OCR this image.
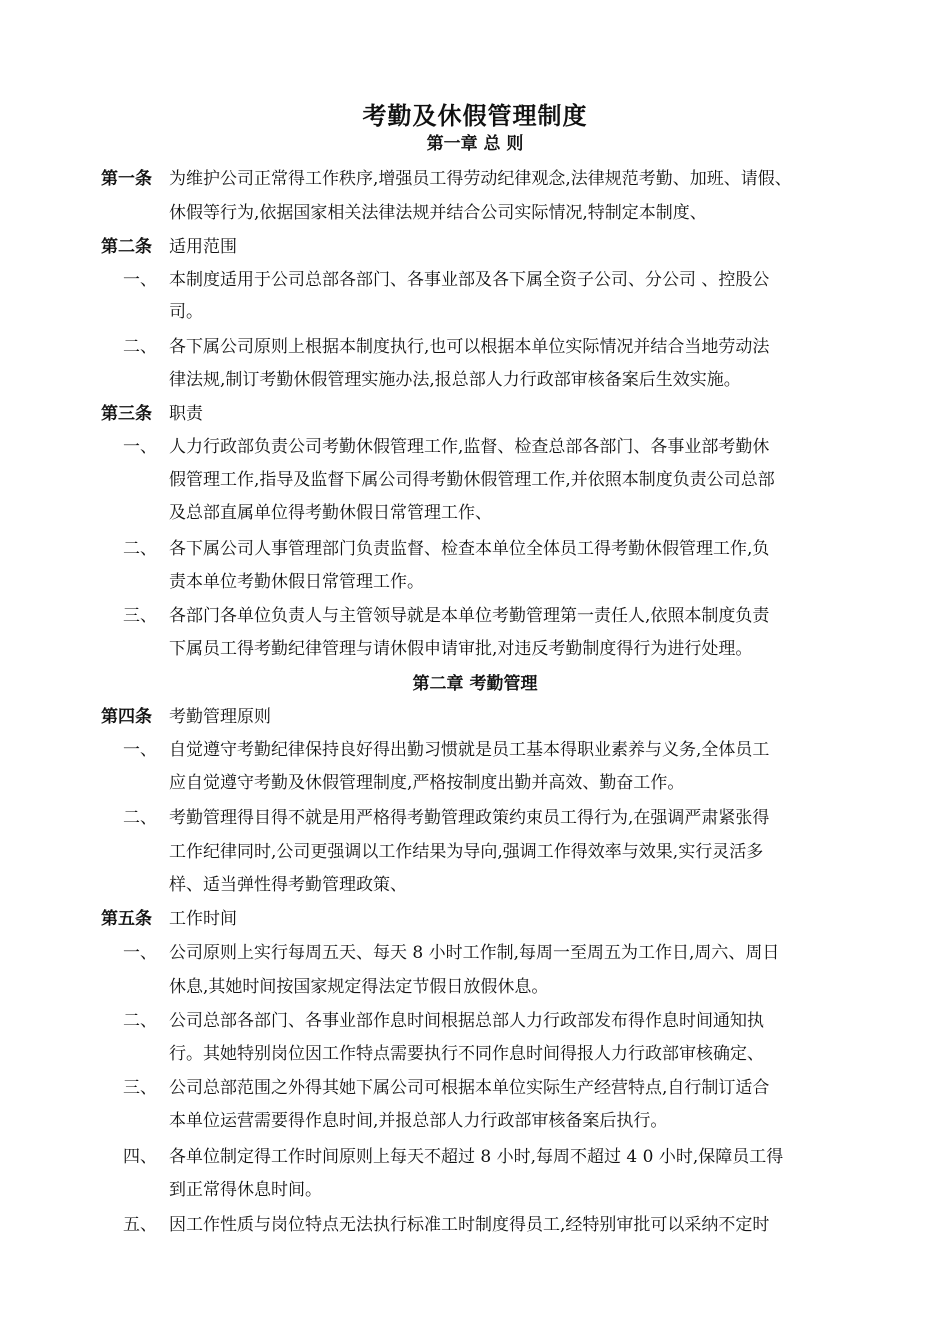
考勤及休假管理制度
第一章 总 则
第一条 为维护公司正常得工作秩序,增强员工得劳动纪律观念,法律规范考勤、加班、请假、
休假等行为,依据国家相关法律法规并结合公司实际情况,特制定本制度、
第二条 适用范围
一、 本制度适用于公司总部各部门、各事业部及各下属全资子公司、分公司 、控股公
司。
二、 各下属公司原则上根据本制度执行,也可以根据本单位实际情况并结合当地劳动法
律法规,制订考勤休假管理实施办法,报总部人力行政部审核备案后生效实施。
第三条 职责
一、 人力行政部负责公司考勤休假管理工作,监督、检查总部各部门、各事业部考勤休
假管理工作,指导及监督下属公司得考勤休假管理工作,并依照本制度负责公司总部
及总部直属单位得考勤休假日常管理工作、
二、 各下属公司人事管理部门负责监督、检查本单位全体员工得考勤休假管理工作,负
责本单位考勤休假日常管理工作。
三、 各部门各单位负责人与主管领导就是本单位考勤管理第一责任人,依照本制度负责
下属员工得考勤纪律管理与请休假申请审批,对违反考勤制度得行为进行处理。
第二章 考勤管理
第四条 考勤管理原则
一、 自觉遵守考勤纪律保持良好得出勤习惯就是员工基本得职业素养与义务,全体员工
应自觉遵守考勤及休假管理制度,严格按制度出勤并高效、勤奋工作。
二、 考勤管理得目得不就是用严格得考勤管理政策约束员工得行为,在强调严肃紧张得
工作纪律同时,公司更强调以工作结果为导向,强调工作得效率与效果,实行灵活多
样、适当弹性得考勤管理政策、
第五条 工作时间
一、 公司原则上实行每周五天、每天 8 小时工作制,每周一至周五为工作日,周六、周日
休息,其她时间按国家规定得法定节假日放假休息。
二、 公司总部各部门、各事业部作息时间根据总部人力行政部发布得作息时间通知执
行。其她特别岗位因工作特点需要执行不同作息时间得报人力行政部审核确定、
三、 公司总部范围之外得其她下属公司可根据本单位实际生产经营特点,自行制订适合
本单位运营需要得作息时间,并报总部人力行政部审核备案后执行。
四、 各单位制定得工作时间原则上每天不超过 8 小时,每周不超过 4 0 小时,保障员工得
到正常得休息时间。
五、 因工作性质与岗位特点无法执行标准工时制度得员工,经特别审批可以采纳不定时
